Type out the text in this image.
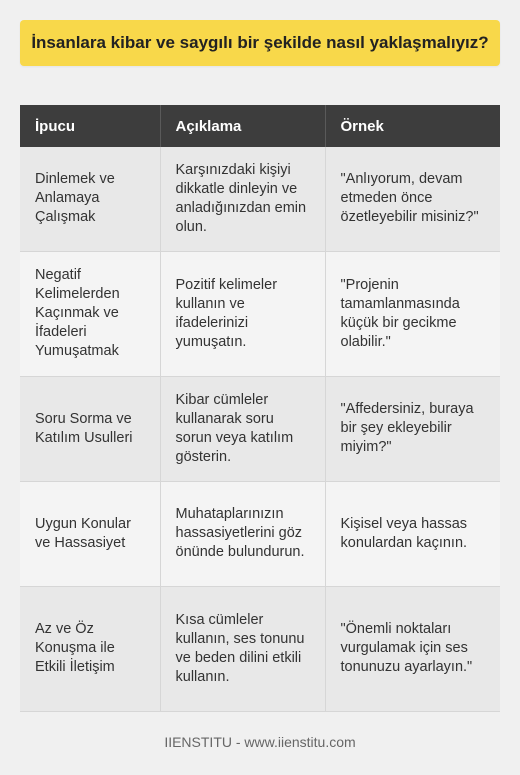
İnsanlara kibar ve saygılı bir şekilde nasıl yaklaşmalıyız?
İpucu	Açıklama	Örnek
Dinlemek ve Anlamaya Çalışmak	Karşınızdaki kişiyi dikkatle dinleyin ve anladığınızdan emin olun.	"Anlıyorum, devam etmeden önce özetleyebilir misiniz?"
Negatif Kelimelerden Kaçınmak ve İfadeleri Yumuşatmak	Pozitif kelimeler kullanın ve ifadelerinizi yumuşatın.	"Projenin tamamlanmasında küçük bir gecikme olabilir."
Soru Sorma ve Katılım Usulleri	Kibar cümleler kullanarak soru sorun veya katılım gösterin.	"Affedersiniz, buraya bir şey ekleyebilir miyim?"
Uygun Konular ve Hassasiyet	Muhataplarınızın hassasiyetlerini göz önünde bulundurun.	Kişisel veya hassas konulardan kaçının.
Az ve Öz Konuşma ile Etkili İletişim	Kısa cümleler kullanın, ses tonunu ve beden dilini etkili kullanın.	"Önemli noktaları vurgulamak için ses tonunuzu ayarlayın."
IIENSTITU - www.iienstitu.com
